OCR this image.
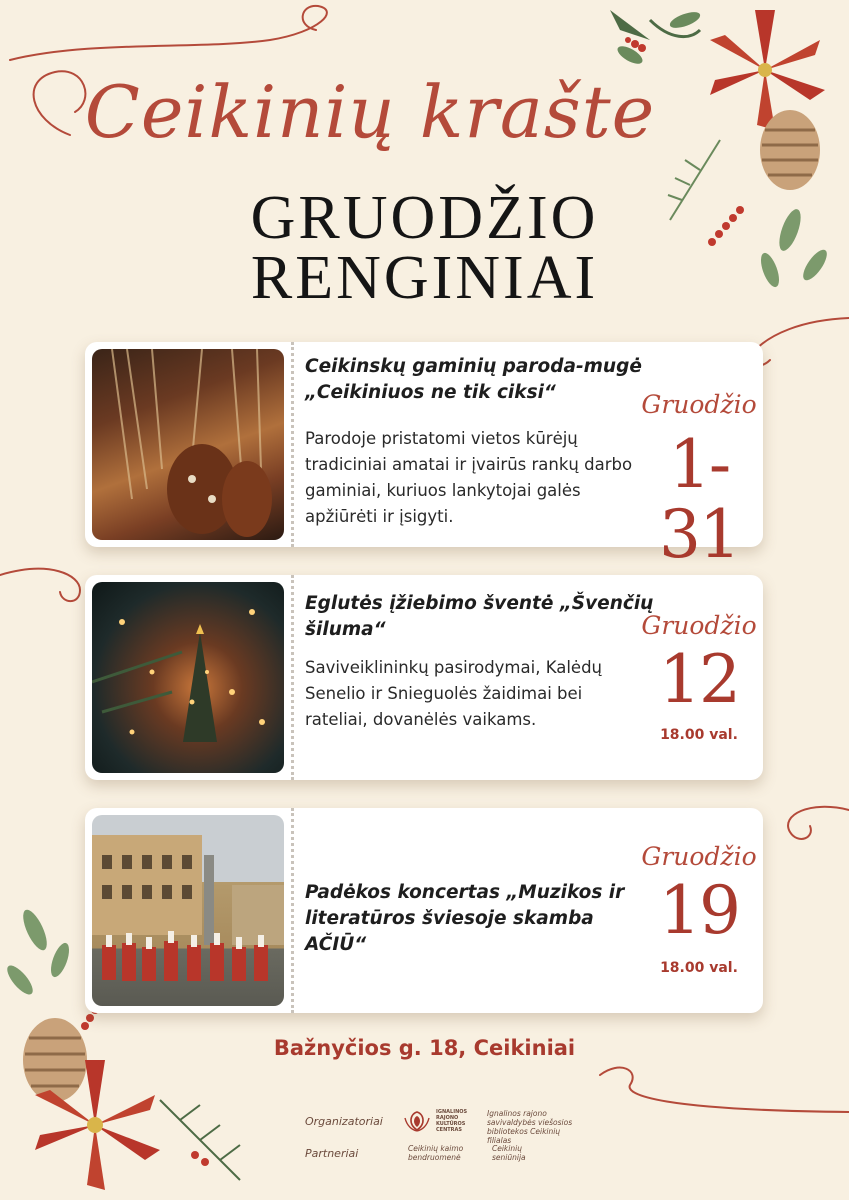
Ceikinių krašte
GRUODŽIO
RENGINIAI
Ceikinskų gaminių paroda-mugė „Ceikiniuos ne tik ciksi“
Parodoje pristatomi vietos kūrėjų tradiciniai amatai ir įvairūs rankų darbo gaminiai, kuriuos lankytojai galės apžiūrėti ir įsigyti.
Gruodžio
1-31
Eglutės įžiebimo šventė „Švenčių šiluma“
Saviveiklininkų pasirodymai, Kalėdų Senelio ir Snieguolės žaidimai bei rateliai, dovanėlės vaikams.
Gruodžio
12
18.00 val.
Padėkos koncertas „Muzikos ir literatūros šviesoje skamba AČIŪ“
Gruodžio
19
18.00 val.
Bažnyčios g. 18, Ceikiniai
Organizatoriai
Partneriai
IGNALINOS RAJONO KULTŪROS CENTRAS
Ignalinos rajono savivaldybės viešosios bibliotekos Ceikinių filialas
Ceikinių kaimo bendruomenė
Ceikinių seniūnija
